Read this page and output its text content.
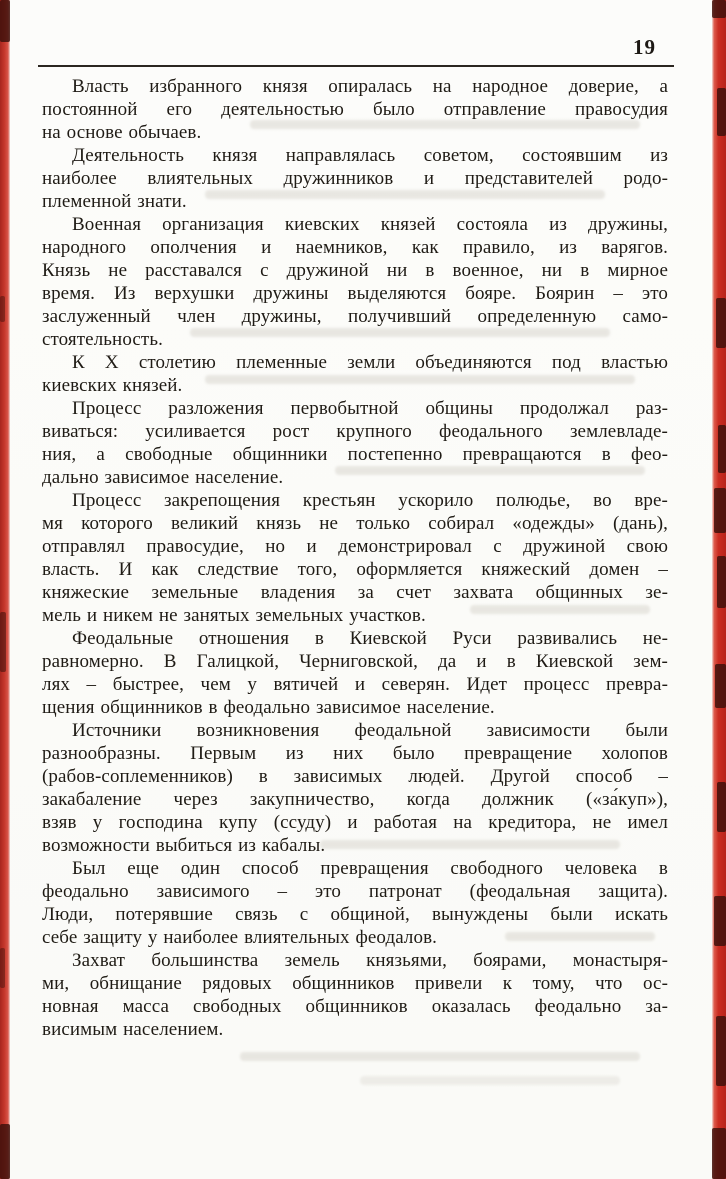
19
Власть избранного князя опиралась на народное доверие, а
постоянной его деятельностью было отправление правосудия
на основе обычаев.
Деятельность князя направлялась советом, состоявшим из
наиболее влиятельных дружинников и представителей родо-
племенной знати.
Военная организация киевских князей состояла из дружины,
народного ополчения и наемников, как правило, из варягов.
Князь не расставался с дружиной ни в военное, ни в мирное
время. Из верхушки дружины выделяются бояре. Боярин – это
заслуженный член дружины, получивший определенную само-
стоятельность.
К X столетию племенные земли объединяются под властью
киевских князей.
Процесс разложения первобытной общины продолжал раз-
виваться: усиливается рост крупного феодального землевладе-
ния, а свободные общинники постепенно превращаются в фео-
дально зависимое население.
Процесс закрепощения крестьян ускорило полюдье, во вре-
мя которого великий князь не только собирал «одежды» (дань),
отправлял правосудие, но и демонстрировал с дружиной свою
власть. И как следствие того, оформляется княжеский домен –
княжеские земельные владения за счет захвата общинных зе-
мель и никем не занятых земельных участков.
Феодальные отношения в Киевской Руси развивались не-
равномерно. В Галицкой, Черниговской, да и в Киевской зем-
лях – быстрее, чем у вятичей и северян. Идет процесс превра-
щения общинников в феодально зависимое население.
Источники возникновения феодальной зависимости были
разнообразны. Первым из них было превращение холопов
(рабов-соплеменников) в зависимых людей. Другой способ –
закабаление через закупничество, когда должник («за́куп»),
взяв у господина купу (ссуду) и работая на кредитора, не имел
возможности выбиться из кабалы.
Был еще один способ превращения свободного человека в
феодально зависимого – это патронат (феодальная защита).
Люди, потерявшие связь с общиной, вынуждены были искать
себе защиту у наиболее влиятельных феодалов.
Захват большинства земель князьями, боярами, монастыря-
ми, обнищание рядовых общинников привели к тому, что ос-
новная масса свободных общинников оказалась феодально за-
висимым населением.
